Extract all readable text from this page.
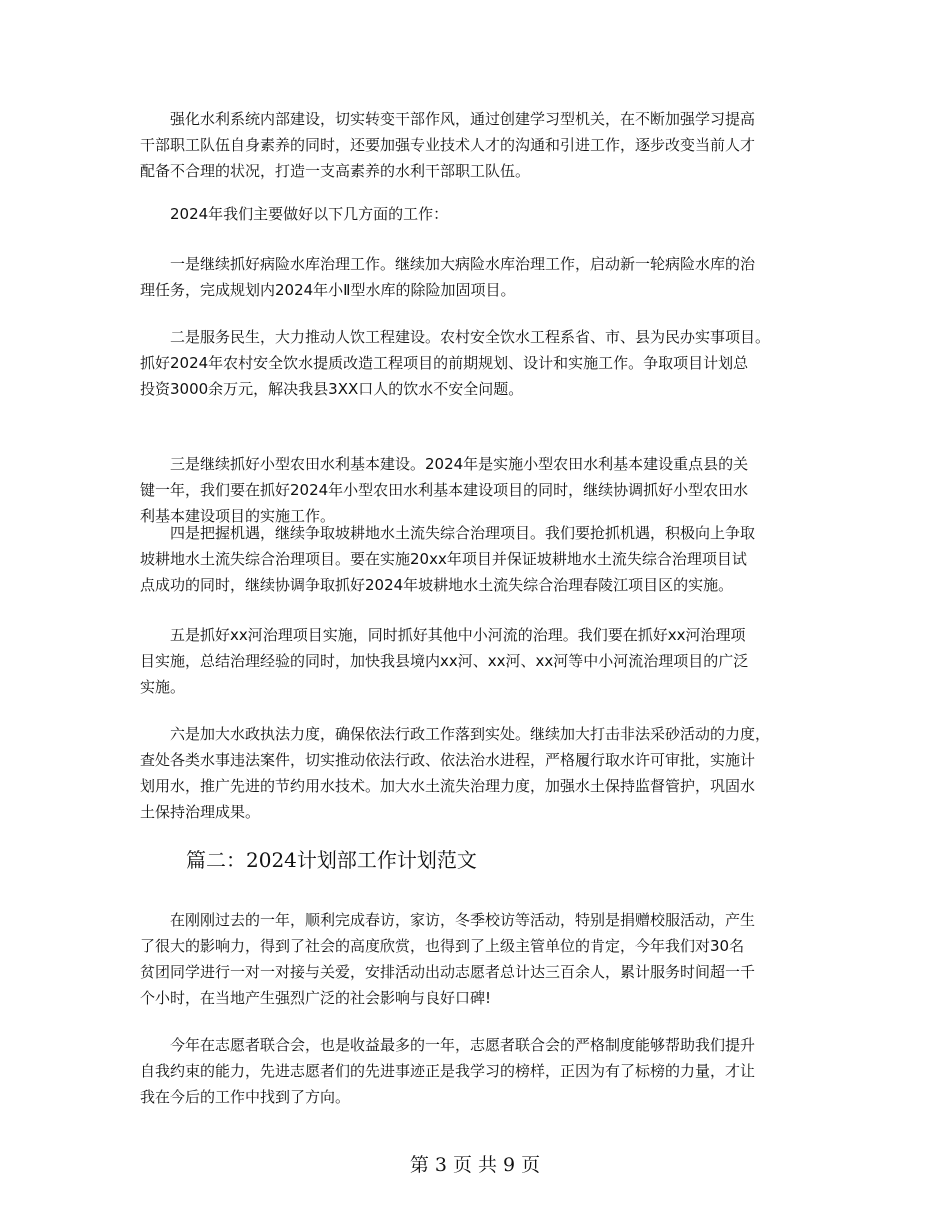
　　强化水利系统内部建设，切实转变干部作风，通过创建学习型机关，在不断加强学习提高
干部职工队伍自身素养的同时，还要加强专业技术人才的沟通和引进工作，逐步改变当前人才
配备不合理的状况，打造一支高素养的水利干部职工队伍。
　　2024年我们主要做好以下几方面的工作：
　　一是继续抓好病险水库治理工作。继续加大病险水库治理工作，启动新一轮病险水库的治
理任务，完成规划内2024年小Ⅱ型水库的除险加固项目。
　　二是服务民生，大力推动人饮工程建设。农村安全饮水工程系省、市、县为民办实事项目。
抓好2024年农村安全饮水提质改造工程项目的前期规划、设计和实施工作。争取项目计划总
投资3000余万元，解决我县3XX口人的饮水不安全问题。
　　三是继续抓好小型农田水利基本建设。2024年是实施小型农田水利基本建设重点县的关
键一年，我们要在抓好2024年小型农田水利基本建设项目的同时，继续协调抓好小型农田水
利基本建设项目的实施工作。
　　四是把握机遇，继续争取坡耕地水土流失综合治理项目。我们要抢抓机遇，积极向上争取
坡耕地水土流失综合治理项目。要在实施20xx年项目并保证坡耕地水土流失综合治理项目试
点成功的同时，继续协调争取抓好2024年坡耕地水土流失综合治理春陵江项目区的实施。
　　五是抓好xx河治理项目实施，同时抓好其他中小河流的治理。我们要在抓好xx河治理项
目实施，总结治理经验的同时，加快我县境内xx河、xx河、xx河等中小河流治理项目的广泛
实施。
　　六是加大水政执法力度，确保依法行政工作落到实处。继续加大打击非法采砂活动的力度，
查处各类水事违法案件，切实推动依法行政、依法治水进程，严格履行取水许可审批，实施计
划用水，推广先进的节约用水技术。加大水土流失治理力度，加强水土保持监督管护，巩固水
土保持治理成果。
篇二：2024计划部工作计划范文
　　在刚刚过去的一年，顺利完成春访，家访，冬季校访等活动，特别是捐赠校服活动，产生
了很大的影响力，得到了社会的高度欣赏，也得到了上级主管单位的肯定，今年我们对30名
贫团同学进行一对一对接与关爱，安排活动出动志愿者总计达三百余人，累计服务时间超一千
个小时，在当地产生强烈广泛的社会影响与良好口碑!
　　今年在志愿者联合会，也是收益最多的一年，志愿者联合会的严格制度能够帮助我们提升
自我约束的能力，先进志愿者们的先进事迹正是我学习的榜样，正因为有了标榜的力量，才让
我在今后的工作中找到了方向。
第 3 页 共 9 页
